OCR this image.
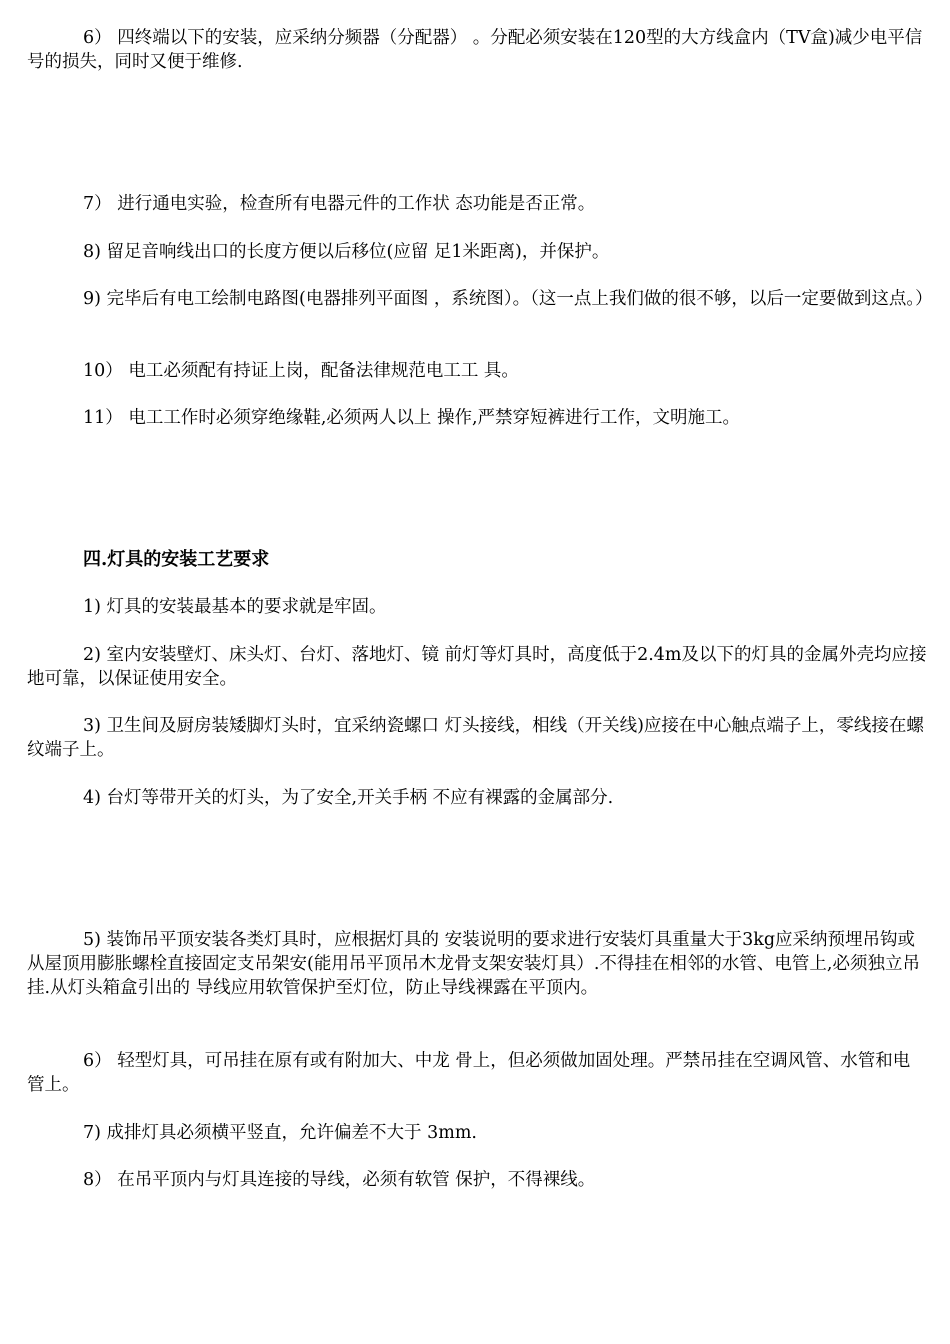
6） 四终端以下的安装，应采纳分频器（分配器） 。分配必须安装在120型的大方线盒内（TV盒)减少电平信号的损失，同时又便于维修.

7） 进行通电实验，检查所有电器元件的工作状 态功能是否正常。

8) 留足音响线出口的长度方便以后移位(应留 足1米距离)，并保护。

9) 完毕后有电工绘制电路图(电器排列平面图 ，系统图）。（这一点上我们做的很不够，以后一定要做到这点。）

10） 电工必须配有持证上岗，配备法律规范电工工 具。

11） 电工工作时必须穿绝缘鞋,必须两人以上 操作,严禁穿短裤进行工作，文明施工。

四.灯具的安装工艺要求

1) 灯具的安装最基本的要求就是牢固。

2) 室内安装壁灯、床头灯、台灯、落地灯、镜 前灯等灯具时，高度低于2.4m及以下的灯具的金属外壳均应接地可靠，以保证使用安全。

3) 卫生间及厨房装矮脚灯头时，宜采纳瓷螺口 灯头接线，相线（开关线)应接在中心触点端子上，零线接在螺纹端子上。

4) 台灯等带开关的灯头，为了安全,开关手柄 不应有裸露的金属部分.

5) 装饰吊平顶安装各类灯具时，应根据灯具的 安装说明的要求进行安装灯具重量大于3kg应采纳预埋吊钩或从屋顶用膨胀螺栓直接固定支吊架安(能用吊平顶吊木龙骨支架安装灯具）.不得挂在相邻的水管、电管上,必须独立吊挂.从灯头箱盒引出的 导线应用软管保护至灯位，防止导线裸露在平顶内。

6） 轻型灯具，可吊挂在原有或有附加大、中龙 骨上，但必须做加固处理。严禁吊挂在空调风管、水管和电管上。

7) 成排灯具必须横平竖直，允许偏差不大于 3mm.

8） 在吊平顶内与灯具连接的导线，必须有软管 保护，不得裸线。
